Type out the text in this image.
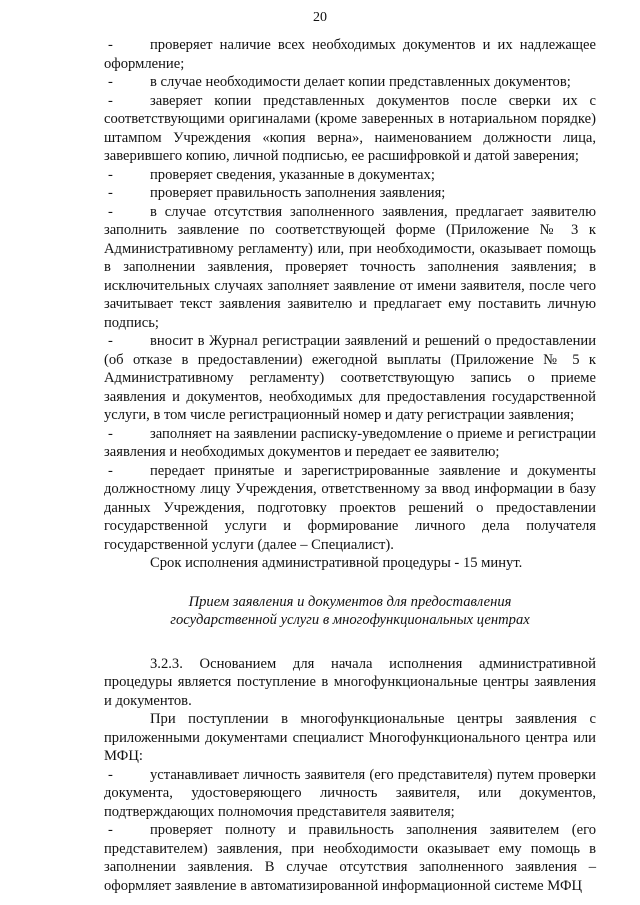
20

-	проверяет наличие всех необходимых документов и их надлежащее оформление;

-	в случае необходимости делает копии представленных документов;

-	заверяет копии представленных документов после сверки их с соответствующими оригиналами (кроме заверенных в нотариальном порядке) штампом Учреждения «копия верна», наименованием должности лица, заверившего копию, личной подписью, ее расшифровкой и датой заверения;

-	проверяет сведения, указанные в документах;

-	проверяет правильность заполнения заявления;

-	в случае отсутствия заполненного заявления, предлагает заявителю заполнить заявление по соответствующей форме (Приложение № 3 к Административному регламенту) или, при необходимости, оказывает помощь в заполнении заявления, проверяет точность заполнения заявления; в исключительных случаях заполняет заявление от имени заявителя, после чего зачитывает текст заявления заявителю и предлагает ему поставить личную подпись;

-	вносит в Журнал регистрации заявлений и решений о предоставлении (об отказе в предоставлении) ежегодной выплаты (Приложение № 5 к Административному регламенту) соответствующую запись о приеме заявления и документов, необходимых для предоставления государственной услуги, в том числе регистрационный номер и дату регистрации заявления;

-	заполняет на заявлении расписку-уведомление о приеме и регистрации заявления и необходимых документов и передает ее заявителю;

-	передает принятые и зарегистрированные заявление и документы должностному лицу Учреждения, ответственному за ввод информации в базу данных Учреждения, подготовку проектов решений о предоставлении государственной услуги и формирование личного дела получателя государственной услуги (далее – Специалист).

Срок исполнения административной процедуры - 15 минут.

Прием заявления и документов для предоставления
государственной услуги в многофункциональных центрах

3.2.3. Основанием для начала исполнения административной процедуры является поступление в многофункциональные центры заявления и документов.

При поступлении в многофункциональные центры заявления с приложенными документами специалист Многофункционального центра или МФЦ:

-	устанавливает личность заявителя (его представителя) путем проверки документа, удостоверяющего личность заявителя, или документов, подтверждающих полномочия представителя заявителя;

-	проверяет полноту и правильность заполнения заявителем (его представителем) заявления, при необходимости оказывает ему помощь в заполнении заявления. В случае отсутствия заполненного заявления – оформляет заявление в автоматизированной информационной системе МФЦ
